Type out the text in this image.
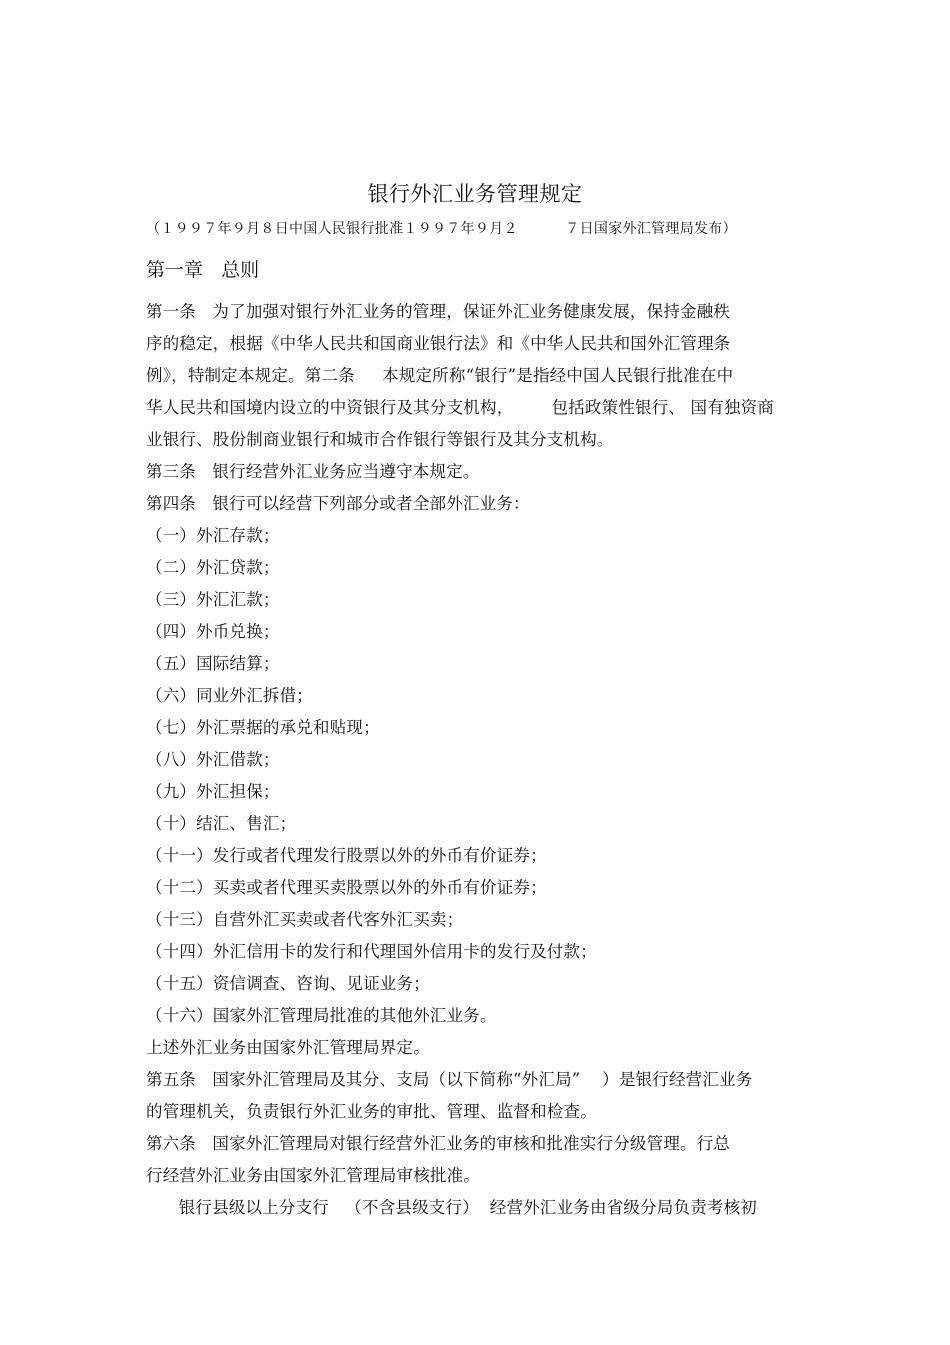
银行外汇业务管理规定
（１９９７年９月８日中国人民银行批准１９９７年９月２          ７日国家外汇管理局发布）
第一章   总则
第一条   为了加强对银行外汇业务的管理，保证外汇业务健康发展，保持金融秩
序的稳定，根据《中华人民共和国商业银行法》和《中华人民共和国外汇管理条
例》，特制定本规定。第二条     本规定所称“银行”是指经中国人民银行批准在中
华人民共和国境内设立的中资银行及其分支机构，       包括政策性银行、 国有独资商
业银行、股份制商业银行和城市合作银行等银行及其分支机构。
第三条   银行经营外汇业务应当遵守本规定。
第四条   银行可以经营下列部分或者全部外汇业务：
（一）外汇存款；
（二）外汇贷款；
（三）外汇汇款；
（四）外币兑换；
（五）国际结算；
（六）同业外汇拆借；
（七）外汇票据的承兑和贴现；
（八）外汇借款；
（九）外汇担保；
（十）结汇、售汇；
（十一）发行或者代理发行股票以外的外币有价证券；
（十二）买卖或者代理买卖股票以外的外币有价证券；
（十三）自营外汇买卖或者代客外汇买卖；
（十四）外汇信用卡的发行和代理国外信用卡的发行及付款；
（十五）资信调查、咨询、见证业务；
（十六）国家外汇管理局批准的其他外汇业务。
上述外汇业务由国家外汇管理局界定。
第五条   国家外汇管理局及其分、支局（以下简称“外汇局”    ）是银行经营汇业务
的管理机关，负责银行外汇业务的审批、管理、监督和检查。
第六条   国家外汇管理局对银行经营外汇业务的审核和批准实行分级管理。行总
行经营外汇业务由国家外汇管理局审核批准。
银行县级以上分支行   （不含县级支行）  经营外汇业务由省级分局负责考核初
